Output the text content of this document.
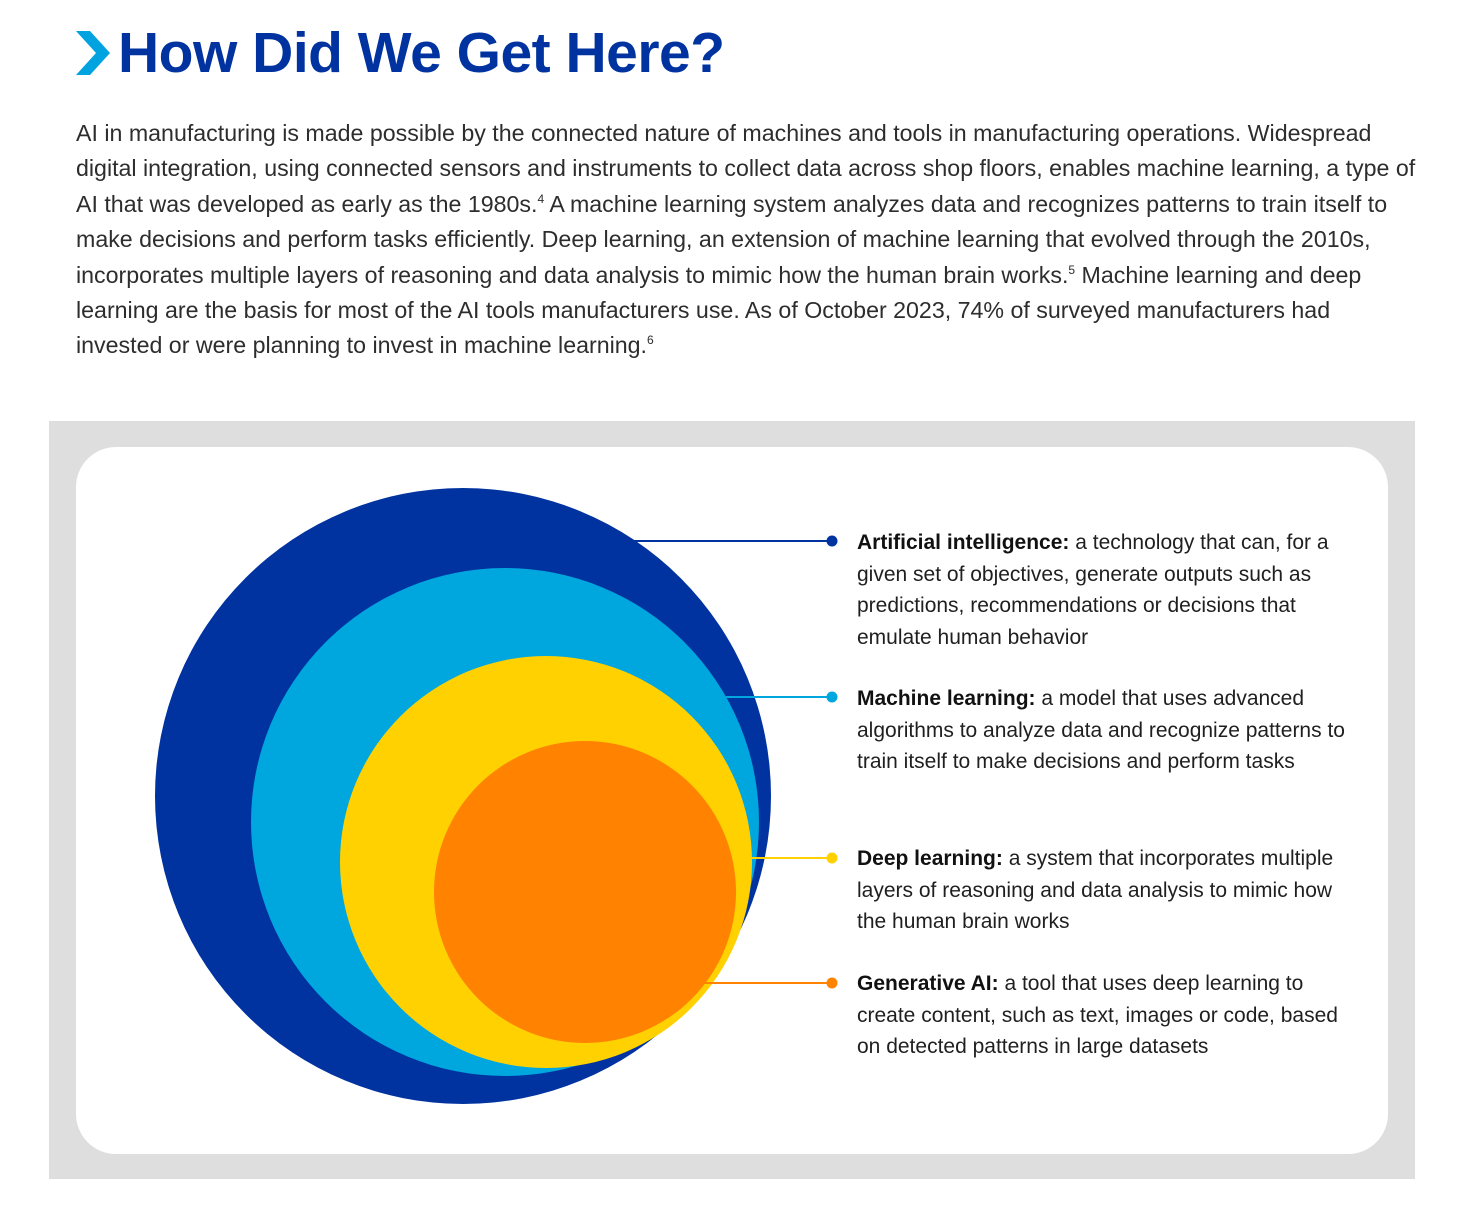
How Did We Get Here?

AI in manufacturing is made possible by the connected nature of machines and tools in manufacturing operations. Widespread digital integration, using connected sensors and instruments to collect data across shop floors, enables machine learning, a type of AI that was developed as early as the 1980s.$^4$ A machine learning system analyzes data and recognizes patterns to train itself to make decisions and perform tasks efficiently. Deep learning, an extension of machine learning that evolved through the 2010s, incorporates multiple layers of reasoning and data analysis to mimic how the human brain works.$^5$ Machine learning and deep learning are the basis for most of the AI tools manufacturers use. As of October 2023, 74% of surveyed manufacturers had invested or were planning to invest in machine learning.$^6$

Artificial intelligence: a technology that can, for a given set of objectives, generate outputs such as predictions, recommendations or decisions that emulate human behavior
Machine learning: a model that uses advanced algorithms to analyze data and recognize patterns to train itself to make decisions and perform tasks
Deep learning: a system that incorporates multiple layers of reasoning and data analysis to mimic how the human brain works
Generative AI: a tool that uses deep learning to create content, such as text, images or code, based on detected patterns in large datasets
